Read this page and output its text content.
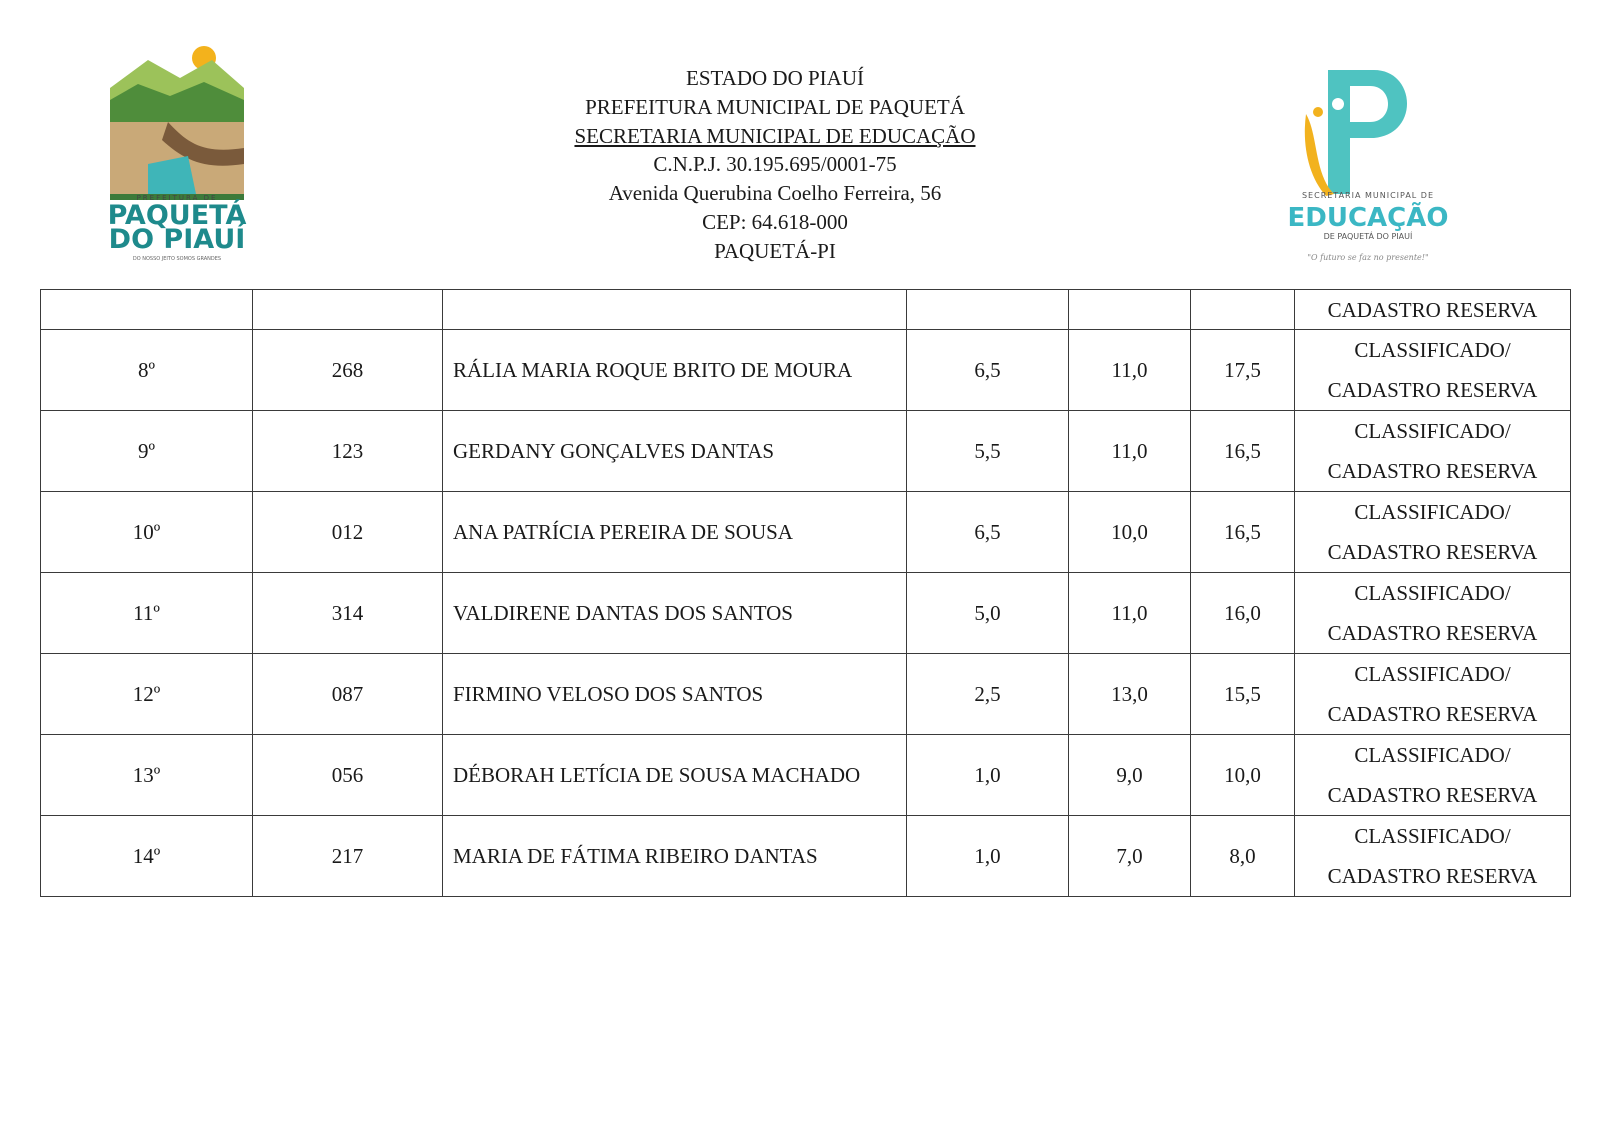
PREFEITURA DE
PAQUETÁ
DO PIAUÍ
DO NOSSO JEITO SOMOS GRANDES
SECRETARIA MUNICIPAL DE
EDUCAÇÃO
DE PAQUETÁ DO PIAUÍ
"O futuro se faz no presente!"
ESTADO DO PIAUÍ
PREFEITURA MUNICIPAL DE PAQUETÁ
SECRETARIA MUNICIPAL DE EDUCAÇÃO
C.N.P.J. 30.195.695/0001-75
Avenida Querubina Coelho Ferreira, 56
CEP: 64.618-000
PAQUETÁ-PI
						CADASTRO RESERVA
8º	268	RÁLIA MARIA ROQUE BRITO DE MOURA	6,5	11,0	17,5	CLASSIFICADO/
CADASTRO RESERVA

9º	123	GERDANY GONÇALVES DANTAS	5,5	11,0	16,5	CLASSIFICADO/
CADASTRO RESERVA

10º	012	ANA PATRÍCIA PEREIRA DE SOUSA	6,5	10,0	16,5	CLASSIFICADO/
CADASTRO RESERVA

11º	314	VALDIRENE DANTAS DOS SANTOS	5,0	11,0	16,0	CLASSIFICADO/
CADASTRO RESERVA

12º	087	FIRMINO VELOSO DOS SANTOS	2,5	13,0	15,5	CLASSIFICADO/
CADASTRO RESERVA

13º	056	DÉBORAH LETÍCIA DE SOUSA MACHADO	1,0	9,0	10,0	CLASSIFICADO/
CADASTRO RESERVA

14º	217	MARIA DE FÁTIMA RIBEIRO DANTAS	1,0	7,0	8,0	CLASSIFICADO/
CADASTRO RESERVA
